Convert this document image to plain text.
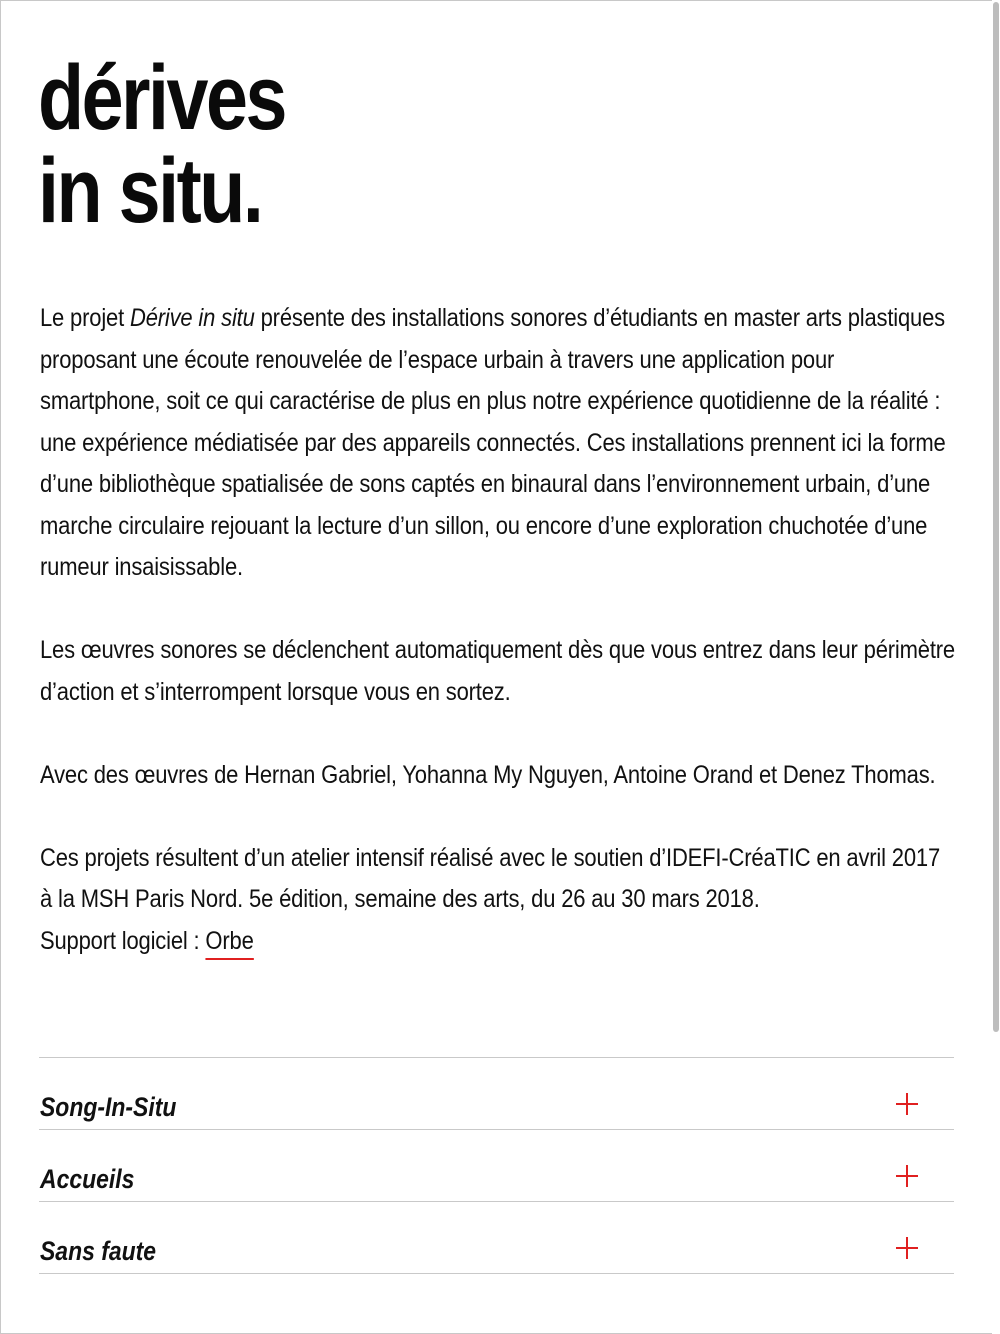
dérives
in situ.

Le projet Dérive in situ présente des installations sonores d’étudiants en master arts plastiques proposant une écoute renouvelée de l’espace urbain à travers une application pour smartphone, soit ce qui caractérise de plus en plus notre expérience quotidienne de la réalité : une expérience médiatisée par des appareils connectés. Ces installations prennent ici la forme d’une bibliothèque spatialisée de sons captés en binaural dans l’environnement urbain, d’une marche circulaire rejouant la lecture d’un sillon, ou encore d’une exploration chuchotée d’une rumeur insaisissable.

Les œuvres sonores se déclenchent automatiquement dès que vous entrez dans leur périmètre d’action et s’interrompent lorsque vous en sortez.

Avec des œuvres de Hernan Gabriel, Yohanna My Nguyen, Antoine Orand et Denez Thomas.

Ces projets résultent d’un atelier intensif réalisé avec le soutien d’IDEFI-CréaTIC en avril 2017 à la MSH Paris Nord. 5e édition, semaine des arts, du 26 au 30 mars 2018.

Support logiciel : Orbe

Song-In-Situ
Accueils
Sans faute
